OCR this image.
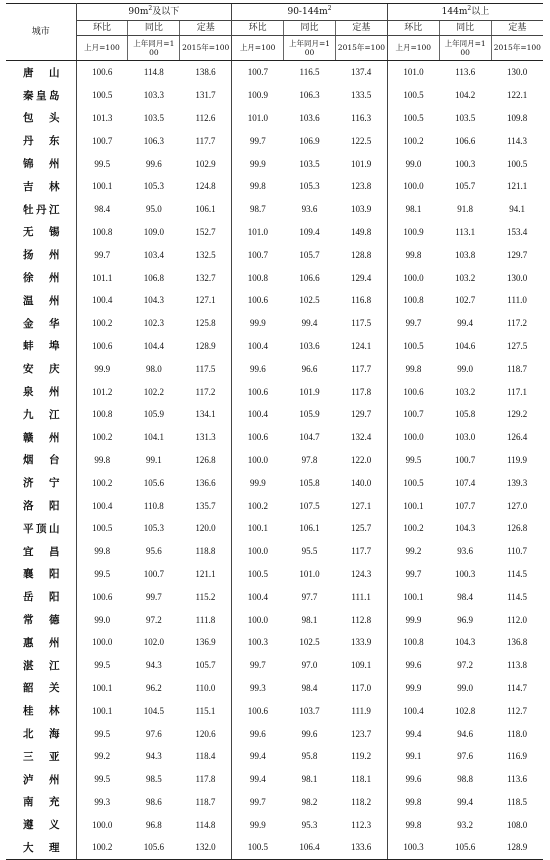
城市	$90m^2$及以下			$90-144m^2$			$144m^2$以上		
	环比	同比	定基	环比	同比	定基	环比	同比	定基
	上月=100	上年同月=1 00	2015年=100	上月=100	上年同月=1 00	2015年=100	上月=100	上年同月=1 00	2015年=100
唐山	100.6	114.8	138.6	100.7	116.5	137.4	101.0	113.6	130.0
秦皇岛	100.5	103.3	131.7	100.9	106.3	133.5	100.5	104.2	122.1
包头	101.3	103.5	112.6	101.0	103.6	116.3	100.5	103.5	109.8
丹东	100.7	106.3	117.7	99.7	106.9	122.5	100.2	106.6	114.3
锦州	99.5	99.6	102.9	99.9	103.5	101.9	99.0	100.3	100.5
吉林	100.1	105.3	124.8	99.8	105.3	123.8	100.0	105.7	121.1
牡丹江	98.4	95.0	106.1	98.7	93.6	103.9	98.1	91.8	94.1
无锡	100.8	109.0	152.7	101.0	109.4	149.8	100.9	113.1	153.4
扬州	99.7	103.4	132.5	100.7	105.7	128.8	99.8	103.8	129.7
徐州	101.1	106.8	132.7	100.8	106.6	129.4	100.0	103.2	130.0
温州	100.4	104.3	127.1	100.6	102.5	116.8	100.8	102.7	111.0
金华	100.2	102.3	125.8	99.9	99.4	117.5	99.7	99.4	117.2
蚌埠	100.6	104.4	128.9	100.4	103.6	124.1	100.5	104.6	127.5
安庆	99.9	98.0	117.5	99.6	96.6	117.7	99.8	99.0	118.7
泉州	101.2	102.2	117.2	100.6	101.9	117.8	100.6	103.2	117.1
九江	100.8	105.9	134.1	100.4	105.9	129.7	100.7	105.8	129.2
赣州	100.2	104.1	131.3	100.6	104.7	132.4	100.0	103.0	126.4
烟台	99.8	99.1	126.8	100.0	97.8	122.0	99.5	100.7	119.9
济宁	100.2	105.6	136.6	99.9	105.8	140.0	100.5	107.4	139.3
洛阳	100.4	110.8	135.7	100.2	107.5	127.1	100.1	107.7	127.0
平顶山	100.5	105.3	120.0	100.1	106.1	125.7	100.2	104.3	126.8
宜昌	99.8	95.6	118.8	100.0	95.5	117.7	99.2	93.6	110.7
襄阳	99.5	100.7	121.1	100.5	101.0	124.3	99.7	100.3	114.5
岳阳	100.6	99.7	115.2	100.4	97.7	111.1	100.1	98.4	114.5
常德	99.0	97.2	111.8	100.0	98.1	112.8	99.9	96.9	112.0
惠州	100.0	102.0	136.9	100.3	102.5	133.9	100.8	104.3	136.8
湛江	99.5	94.3	105.7	99.7	97.0	109.1	99.6	97.2	113.8
韶关	100.1	96.2	110.0	99.3	98.4	117.0	99.9	99.0	114.7
桂林	100.1	104.5	115.1	100.6	103.7	111.9	100.4	102.8	112.7
北海	99.5	97.6	120.6	99.6	99.6	123.7	99.4	94.6	118.0
三亚	99.2	94.3	118.4	99.4	95.8	119.2	99.1	97.6	116.9
泸州	99.5	98.5	117.8	99.4	98.1	118.1	99.6	98.8	113.6
南充	99.3	98.6	118.7	99.7	98.2	118.2	99.8	99.4	118.5
遵义	100.0	96.8	114.8	99.9	95.3	112.3	99.8	93.2	108.0
大理	100.2	105.6	132.0	100.5	106.4	133.6	100.3	105.6	128.9
